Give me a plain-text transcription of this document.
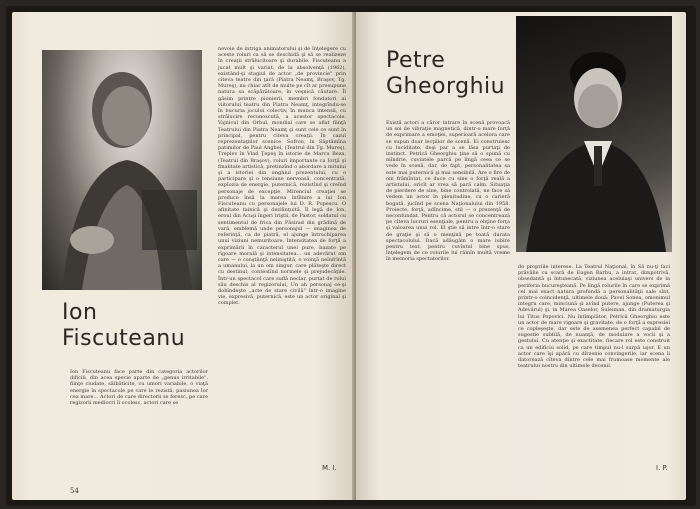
Ion
Fiscuteanu
Ion Fiscuteanu face parte din categoria actorilor dificili, din acea specie aparte de „genus irritabile", fiinţe ciudate, sălbăticite, cu umori variabile, o viaţă energie în spectacole pe care le rezistă, pasiunea lor cea mare... Actori de care directorii se feresc, pe care regizorii mediocri îi ocolesc, actori care se
nevoie de intriga animatorului şi de înţelegere cu aceste roluri ca să se deschidă şi să se realizeze în creaţii strălucitoare şi durabile. Fiscuteanu a jucat mult şi variat, de la absolvenţă (1962), existând-şi stagiul de actor „de provincie" prin cîteva teatre din ţară (Piatra Neamţ, Braşov, Tg. Mureş), nu chiar atît de multe pe cît ar presupune natura sa scăpărătoare, în veşnică căutare. Îl găsim printre pionierii, membri fondatori ai viitorului teatru din Piatra Neamţ, integrîndu-se în bucuria jocului colectiv, în munca intensă, cu strălucire recunoscută, a acestor spectacole. Vajnicul din Orbul, mondial care se aflat fiinţă Teatrului din Piatra Neamţ şi sunt cele ce sunt în principal, pentru cîteva creaţii. În cazul reprezentaţiilor scenice. Sofron, în Săptămîna patimilor de Paul Anghel, (Teatrul din Tg. Mureş), Treplev în Vlad Ţepeş în istorie de Marcu Beza, (Teatrul din Braşov), roluri importante ca forţă şi finalitate artistică, pretinzînd o abordare a mitului şi a istoriei din unghiul prezentului, cu o participare şi o tensiune nervoasă, concentrată, explozia de energie, puternică, rezistînd şi creînd personaje de excepţie. Mirenciul creaţiei se produce însă la marea întîlnire a lui Ion Fiscuteanu cu personajele lui D. R. Popescu. O afinitate tainică şi dezlănţuită. Îl legă de Ion, eroul din Acuşi îngeri triştii, de Pastor, soldatul cu sentimentul de frica din Păsirad din grădină de vară, emblemă unde personajul — imaginea de referinţă, ca de piatră, el ajunge întruchiparea unui viziuni nemuritoare. Intensitatea de forţă a exprimării în caracterul unei pure, bazate pe rigoare morală şi intensitatea... un adevărat om care — o conştiinţă neliniştită, o voinţă neînfrîntă a umanului, la un om singur, care plăteşte direct cu destinul, contestînd normele şi prejudecăţile. Într-un spectacol care suflă neclar, purtat de rolul său deschis al regizorului, Un ah personaj ce-şi dobîndeşte „acte de stare civilă" într-o imagine vie, expresivă, puternică, este un actor original şi complet.
M. I.
54
Petre
Gheorghiu
Există actori a căror intrare în scenă provoacă un soi de vibraţie magnetică, dintr-o mare forţă de exprimare a emoţiei, superioară acelora care se supun doar lecţiilor de scenă. Ei construiesc cu luciditate, deşi par a se lăsa purtaţi de instinct. Petrică Gheorghiu ţine să o spună cu mîndrie, cuvintele parcă pe lîngă ceea ce se vede în scenă, dar, de fapt, personalitatea sa este mai puternică şi mai sensibilă. Are o fire de om frămîntat, ce duce cu sine o forţă reală a artistului, oricît ar vrea să pară calm. Situaţia de pierdere de sine, bine controlată, ne face să vedem un actor în plenitudine, cu o carieră bogată, jucînd pe scena Naţionalului din 1958. Proiecte, forţă, adîncime, stil — o prezenţă de neconfundat. Pentru că actorul se concentrează pe cîteva lucruri esenţiale, pentru a obţine forţa şi valoarea unui rol. El ştie să intre într-o stare de graţie şi să o menţină pe toată durata spectacolului. Dacă adăugăm o mare iubire pentru text, pentru cuvîntul bine spus, înţelegem de ce rolurile lui rămîn multă vreme în memoria spectatorilor.
de propriile interese. La Teatrul Naţional, în Să nu-ţi faci prăvălie cu scară de Eugen Barbu, a intrat, dimpotrivă, obsedantă şi întunecată, viziunea aceluiaşi univers de la periferia bucureşteană. Pe lîngă rolurile în care se exprimă cel mai exact natura profundă a personalităţii sale sînt, printr-o coincidenţă, ultimele două: Pavel Sonea, omonimul integru care, minciună şi avînd putere, ajunge (Puterea şi Adevărul) şi, in Marea Oaselor, Suleiman, din dramaturgia lui Titus Popovici. Nu întîmplător, Petrică Gheorghiu este un actor de mare vigoare şi gravitate, de o forţă a expresiei ce copleşeşte, dar este de asemenea perfect capabil de sugestie subtilă, de nuanţă, de modulare a vocii şi a gestului. Cu atenţie şi exactitate, fiecare rol este construit ca un edificiu solid, pe care timpul nu-l surpă uşor. E un actor care îşi apără cu dîrzenie convingerile, iar scena îi datorează cîteva dintre cele mai frumoase momente ale teatrului nostru din ultimele decenii.
I. P.
